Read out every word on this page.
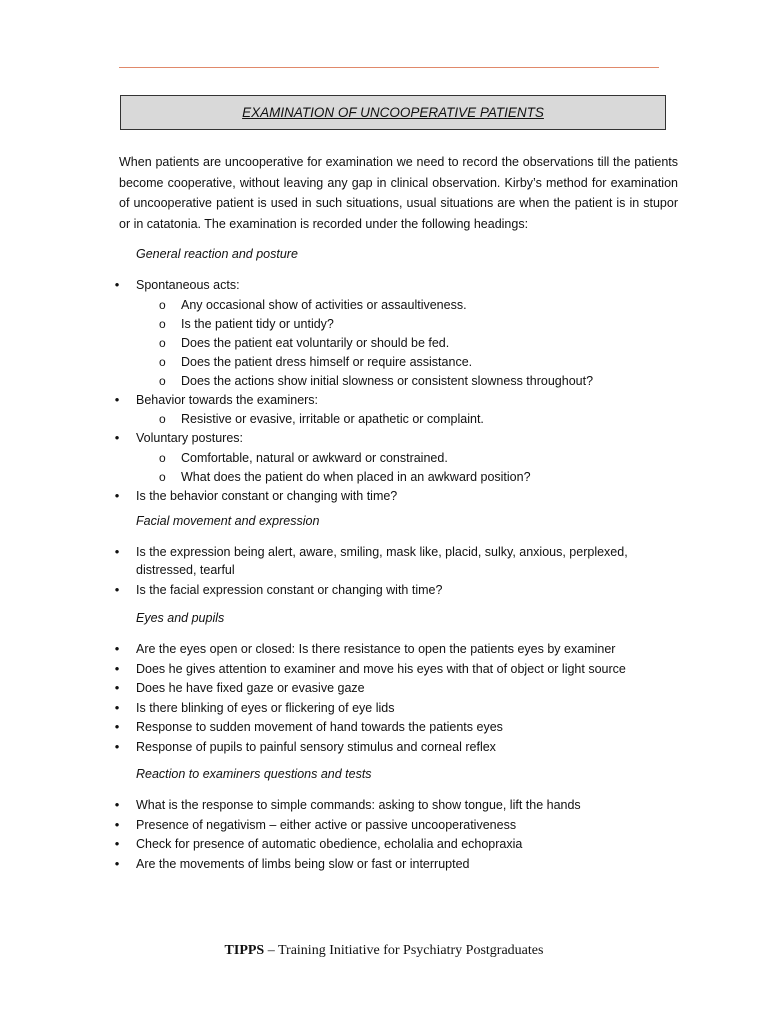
EXAMINATION OF UNCOOPERATIVE PATIENTS

When patients are uncooperative for examination we need to record the observations till the patients become cooperative, without leaving any gap in clinical observation. Kirby’s method for examination of uncooperative patient is used in such situations, usual situations are when the patient is in stupor or in catatonia. The examination is recorded under the following headings:

General reaction and posture
• Spontaneous acts:
o Any occasional show of activities or assaultiveness.
o Is the patient tidy or untidy?
o Does the patient eat voluntarily or should be fed.
o Does the patient dress himself or require assistance.
o Does the actions show initial slowness or consistent slowness throughout?
• Behavior towards the examiners:
o Resistive or evasive, irritable or apathetic or complaint.
• Voluntary postures:
o Comfortable, natural or awkward or constrained.
o What does the patient do when placed in an awkward position?
• Is the behavior constant or changing with time?
Facial movement and expression
• Is the expression being alert, aware, smiling, mask like, placid, sulky, anxious, perplexed, distressed, tearful
• Is the facial expression constant or changing with time?
Eyes and pupils
• Are the eyes open or closed: Is there resistance to open the patients eyes by examiner
• Does he gives attention to examiner and move his eyes with that of object or light source
• Does he have fixed gaze or evasive gaze
• Is there blinking of eyes or flickering of eye lids
• Response to sudden movement of hand towards the patients eyes
• Response of pupils to painful sensory stimulus and corneal reflex
Reaction to examiners questions and tests
• What is the response to simple commands: asking to show tongue, lift the hands
• Presence of negativism – either active or passive uncooperativeness
• Check for presence of automatic obedience, echolalia and echopraxia
• Are the movements of limbs being slow or fast or interrupted
TIPPS – Training Initiative for Psychiatry Postgraduates
